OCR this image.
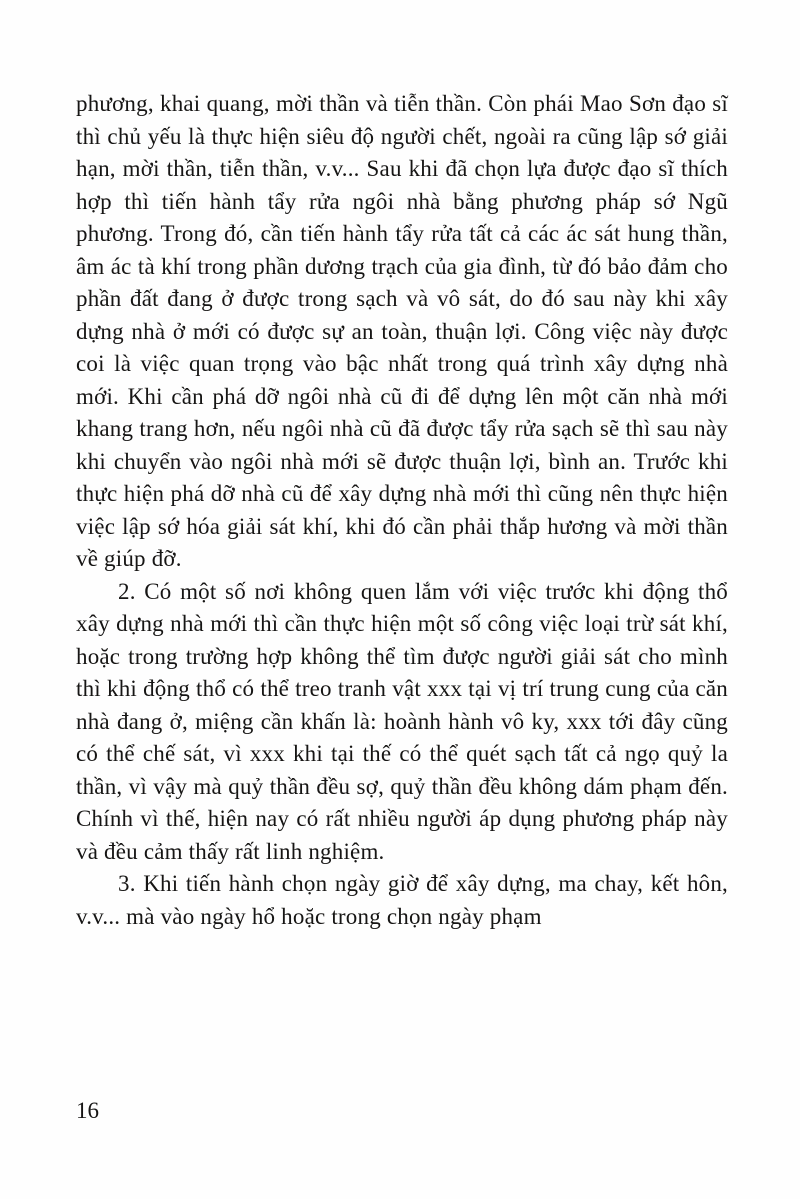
phương, khai quang, mời thần và tiễn thần. Còn phái Mao Sơn đạo sĩ thì chủ yếu là thực hiện siêu độ người chết, ngoài ra cũng lập sớ giải hạn, mời thần, tiễn thần, v.v... Sau khi đã chọn lựa được đạo sĩ thích hợp thì tiến hành tẩy rửa ngôi nhà bằng phương pháp sớ Ngũ phương. Trong đó, cần tiến hành tẩy rửa tất cả các ác sát hung thần, âm ác tà khí trong phần dương trạch của gia đình, từ đó bảo đảm cho phần đất đang ở được trong sạch và vô sát, do đó sau này khi xây dựng nhà ở mới có được sự an toàn, thuận lợi. Công việc này được coi là việc quan trọng vào bậc nhất trong quá trình xây dựng nhà mới. Khi cần phá dỡ ngôi nhà cũ đi để dựng lên một căn nhà mới khang trang hơn, nếu ngôi nhà cũ đã được tẩy rửa sạch sẽ thì sau này khi chuyển vào ngôi nhà mới sẽ được thuận lợi, bình an. Trước khi thực hiện phá dỡ nhà cũ để xây dựng nhà mới thì cũng nên thực hiện việc lập sớ hóa giải sát khí, khi đó cần phải thắp hương và mời thần về giúp đỡ.

2. Có một số nơi không quen lắm với việc trước khi động thổ xây dựng nhà mới thì cần thực hiện một số công việc loại trừ sát khí, hoặc trong trường hợp không thể tìm được người giải sát cho mình thì khi động thổ có thể treo tranh vật xxx tại vị trí trung cung của căn nhà đang ở, miệng cần khấn là: hoành hành vô ky, xxx tới đây cũng có thể chế sát, vì xxx khi tại thế có thể quét sạch tất cả ngọ quỷ la thần, vì vậy mà quỷ thần đều sợ, quỷ thần đều không dám phạm đến. Chính vì thế, hiện nay có rất nhiều người áp dụng phương pháp này và đều cảm thấy rất linh nghiệm.

3. Khi tiến hành chọn ngày giờ để xây dựng, ma chay, kết hôn, v.v... mà vào ngày hổ hoặc trong chọn ngày phạm

16
